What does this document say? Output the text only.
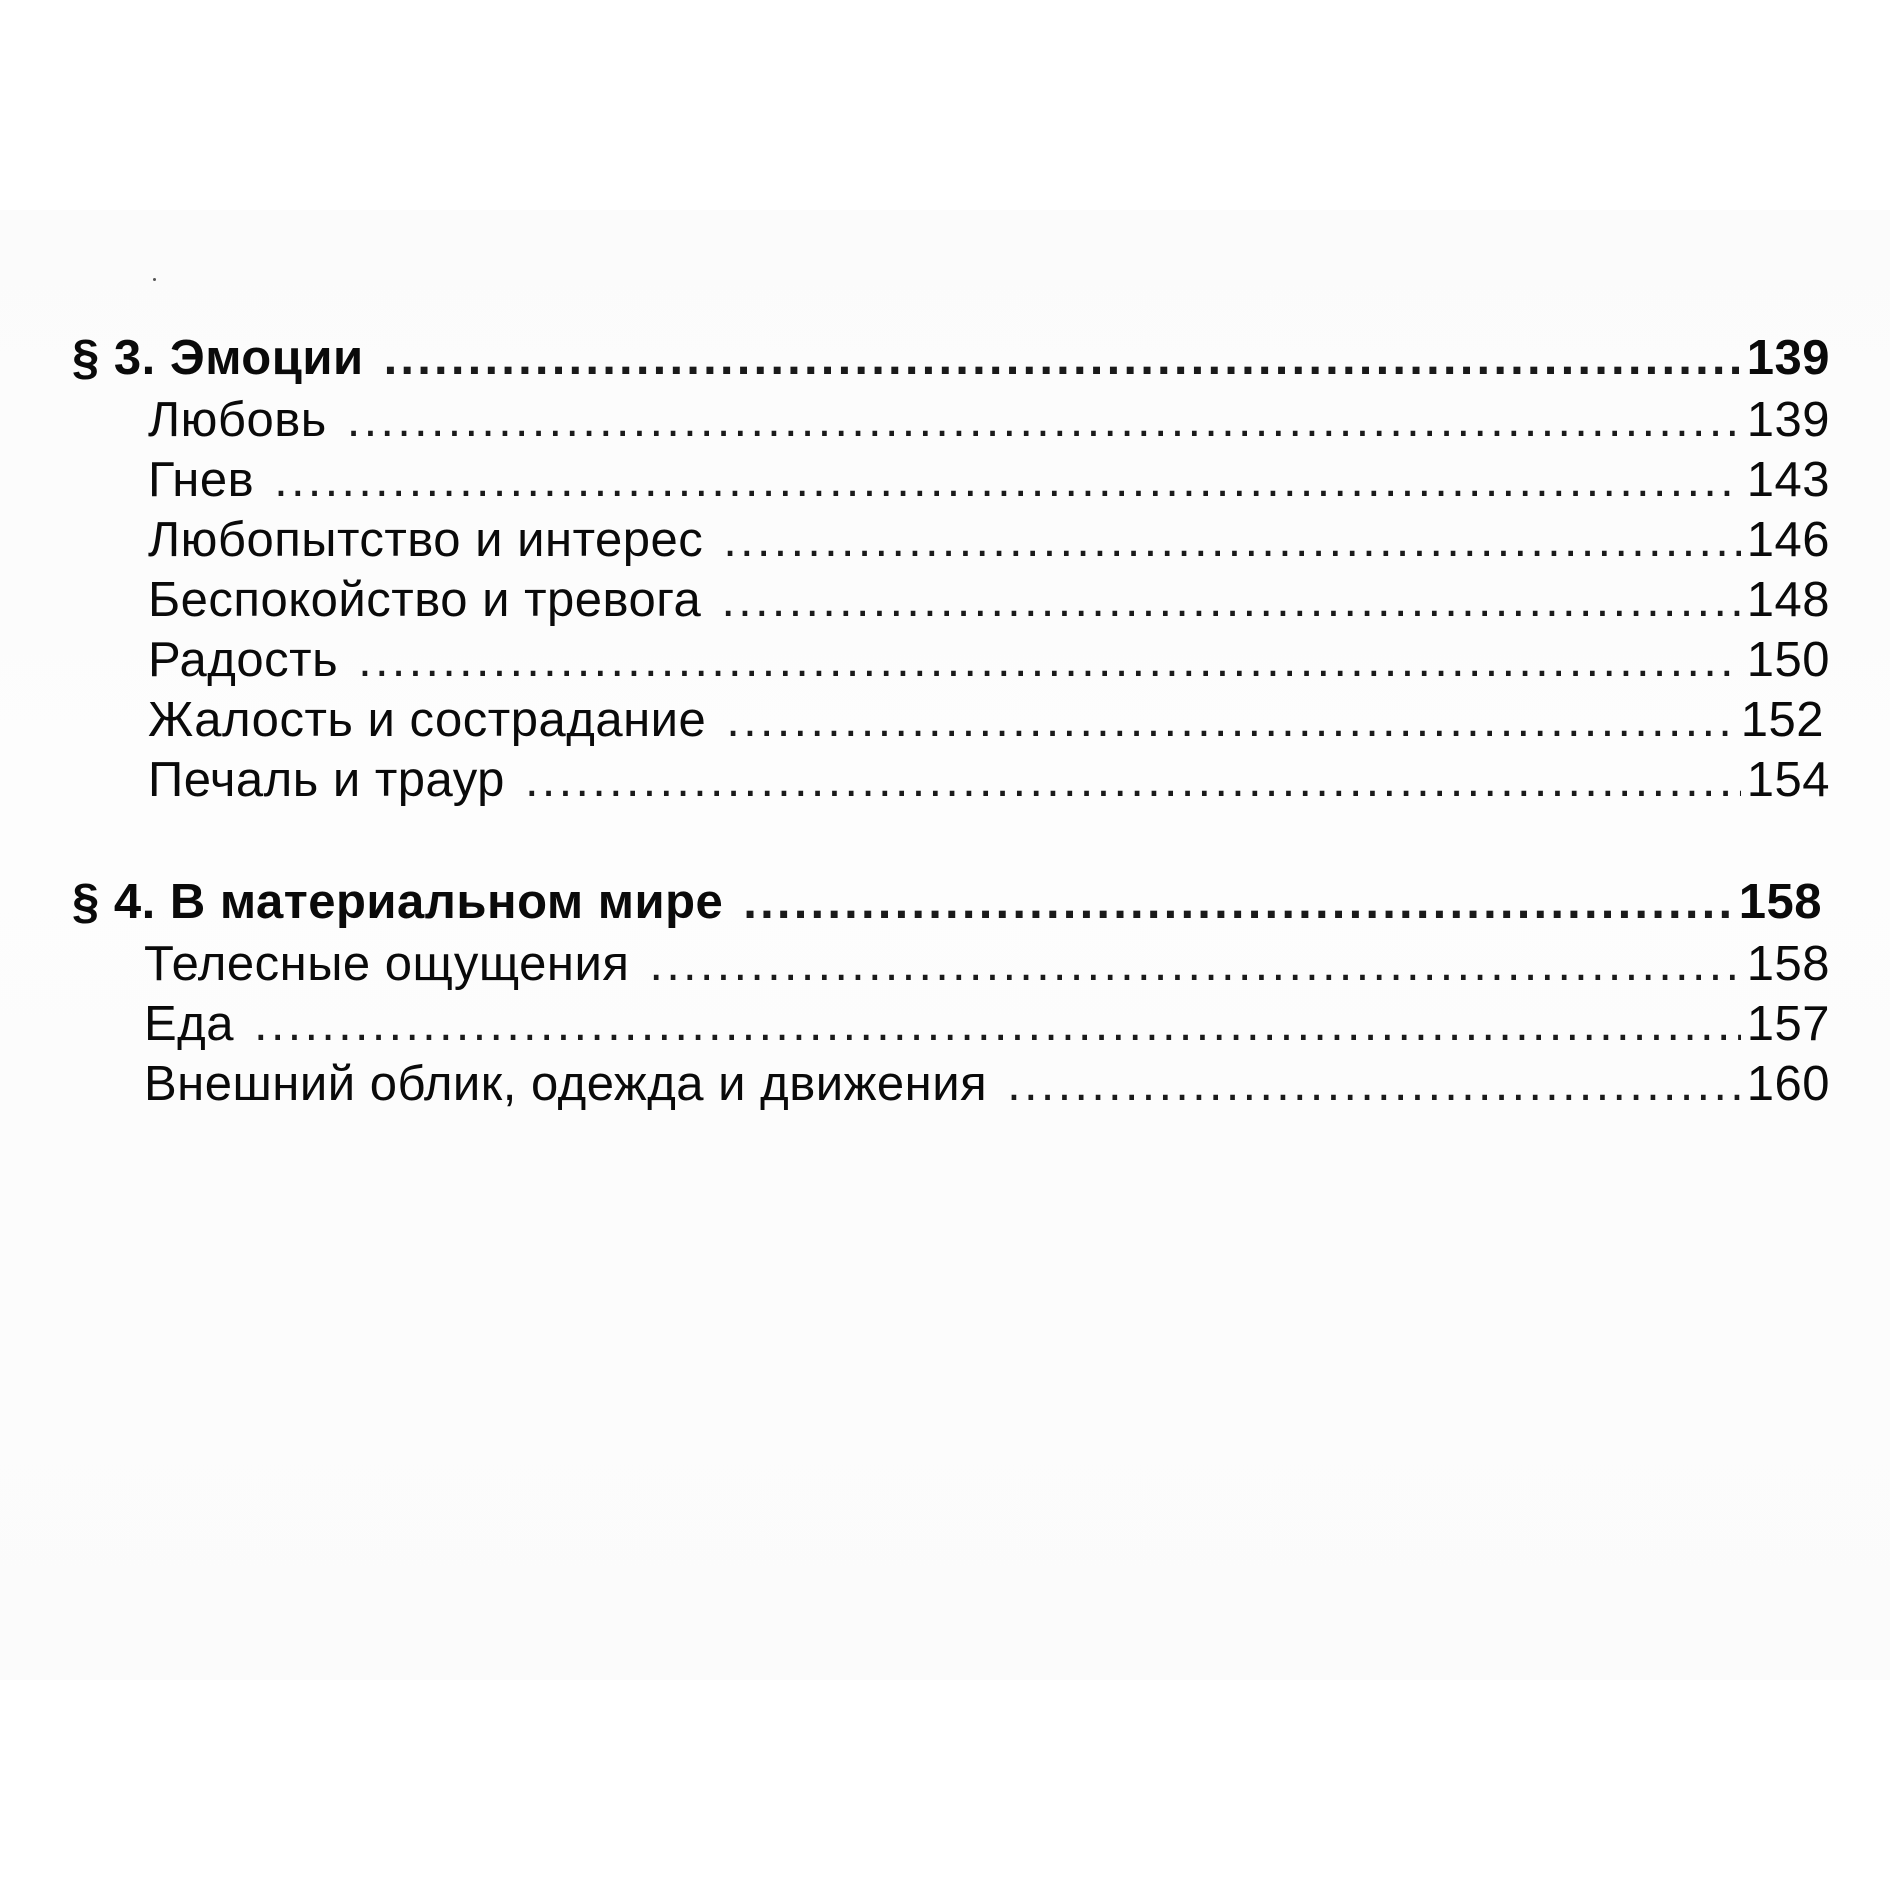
§ 3. Эмоции .....	139
Любовь .....	139
Гнев .....	143
Любопытство и интерес .....	146
Беспокойство и тревога .....	148
Радость .....	150
Жалость и сострадание .....	152
Печаль и траур .....	154
§ 4. В материальном мире .....	158
Телесные ощущения .....	158
Еда .....	157
Внешний облик, одежда и движения .....	160
